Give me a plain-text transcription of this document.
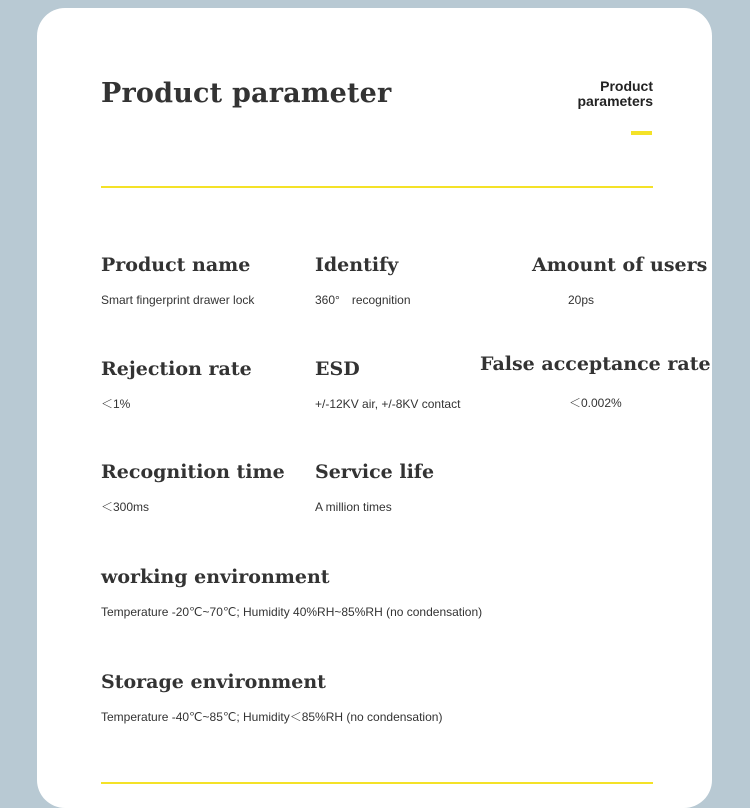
Product parameter	Product
parameters
Product name
Smart fingerprint drawer lock
Identify
360°　recognition
Amount of users
20ps
Rejection rate
＜1%
ESD
+/-12KV air, +/-8KV contact
False acceptance rate
＜0.002%
Recognition time
＜300ms
Service life
A million times
working environment
Temperature -20℃~70℃; Humidity 40%RH~85%RH (no condensation)
Storage environment
Temperature -40℃~85℃; Humidity＜85%RH (no condensation)
